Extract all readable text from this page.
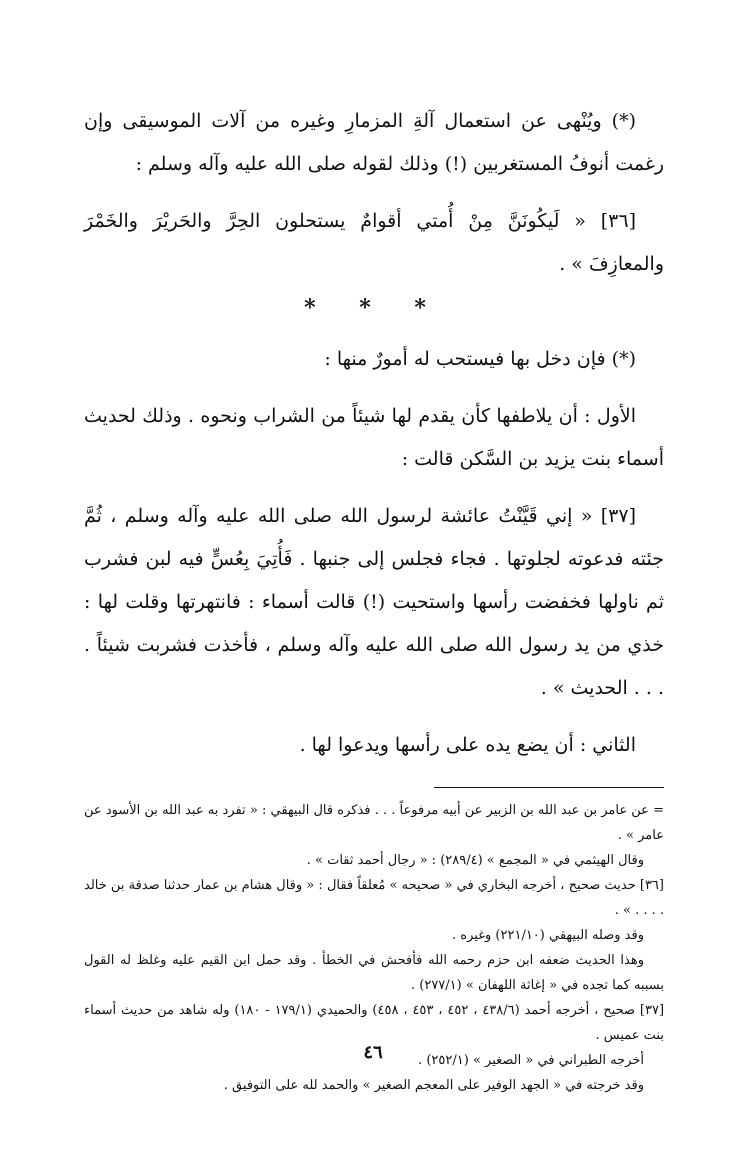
(*) ويُنْهى عن استعمال آلةِ المزمارِ وغيره من آلات الموسيقى وإن رغمت أنوفُ المستغربين (!) وذلك لقوله صلى الله عليه وآله وسلم :

[٣٦] « لَيكُونَنَّ مِنْ أُمتي أقوامٌ يستحلون الحِرَّ والحَريْرَ والخَمْرَ والمعازِفَ » .

* * *

(*) فإن دخل بها فيستحب له أمورٌ منها :

الأول : أن يلاطفها كأن يقدم لها شيئاً من الشراب ونحوه . وذلك لحديث أسماء بنت يزيد بن السَّكن قالت :

[٣٧] « إني قَيَّنْتُ عائشة لرسول الله صلى الله عليه وآله وسلم ، ثُمَّ جئته فدعوته لجلوتها . فجاء فجلس إلى جنبها . فَأُتِيَ بِعُسٍّ فيه لبن فشرب ثم ناولها فخفضت رأسها واستحيت (!) قالت أسماء : فانتهرتها وقلت لها : خذي من يد رسول الله صلى الله عليه وآله وسلم ، فأخذت فشربت شيئاً . . . . الحديث » .

الثاني : أن يضع يده على رأسها ويدعوا لها .

= عن عامر بن عبد الله بن الزبير عن أبيه مرفوعاً . . . فذكره قال البيهقي : « تفرد به عبد الله بن الأسود عن عامر » .

وقال الهيثمي في « المجمع » (٢٨٩/٤) : « رجال أحمد ثقات » .

[٣٦] حديث صحيح ، أخرجه البخاري في « صحيحه » مُعلقاً فقال : « وقال هشام بن عمار حدثنا صدقة بن خالد . . . . » .

وقد وصله البيهقي (٢٢١/١٠) وغيره .

وهذا الحديث ضعفه ابن حزم رحمه الله فأفحش في الخطأ . وقد حمل ابن القيم عليه وغلظ له القول بسببه كما تجده في « إغاثة اللهفان » (٢٧٧/١) .

[٣٧] صحيح ، أخرجه أحمد (٤٣٨/٦ ، ٤٥٢ ، ٤٥٣ ، ٤٥٨) والحميدي (١٧٩/١ - ١٨٠) وله شاهد من حديث أسماء بنت عميس .

أخرجه الطبراني في « الصغير » (٢٥٢/١) .

وقد خرجته في « الجهد الوفير على المعجم الصغير » والحمد لله على التوفيق .

٤٦
